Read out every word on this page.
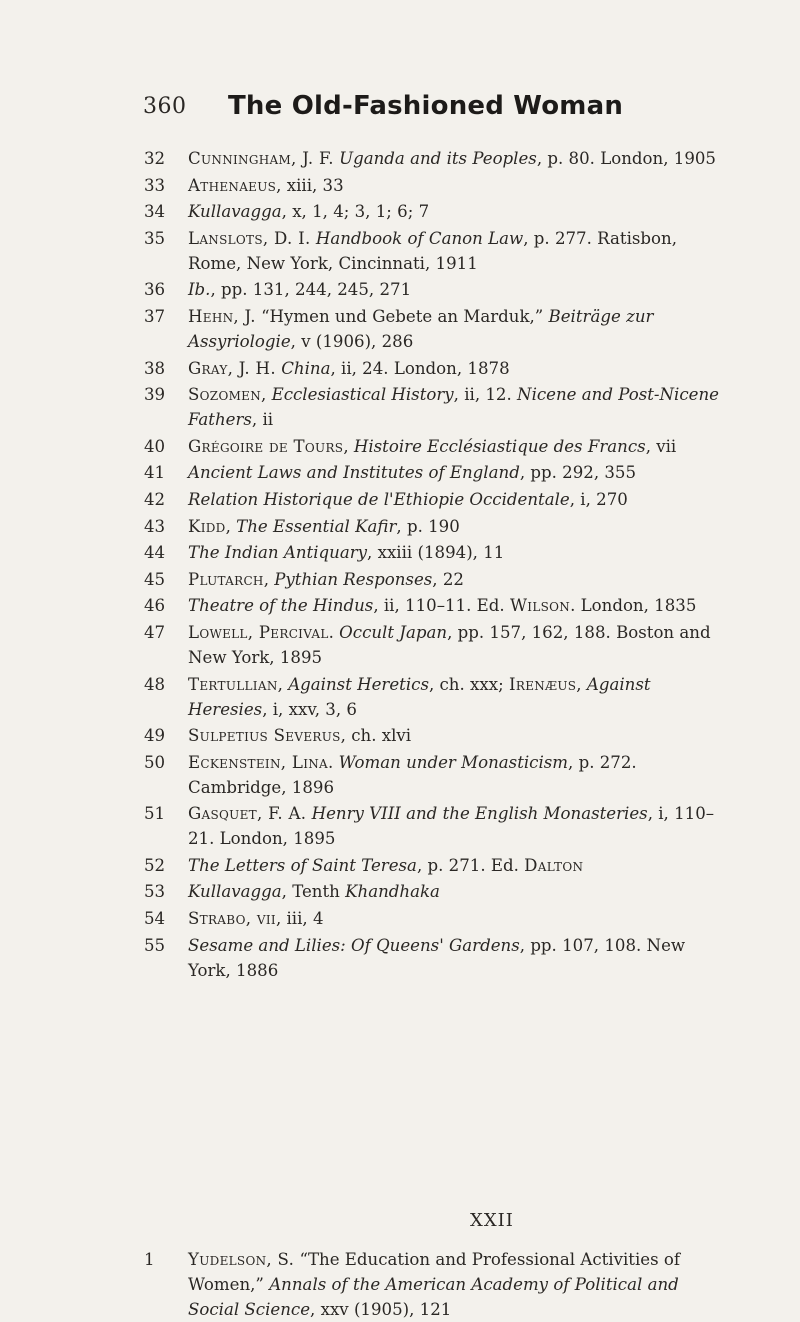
360 The Old-Fashioned Woman

32	Cunningham, J. F. Uganda and its Peoples, p. 80. London, 1905

33	Athenaeus, xiii, 33

34	Kullavagga, x, 1, 4; 3, 1; 6; 7

35	Lanslots, D. I. Handbook of Canon Law, p. 277. Ratisbon, Rome, New York, Cincinnati, 1911

36	Ib., pp. 131, 244, 245, 271

37	Hehn, J. “Hymen und Gebete an Marduk,” Beiträge zur Assyriologie, v (1906), 286

38	Gray, J. H. China, ii, 24. London, 1878

39	Sozomen, Ecclesiastical History, ii, 12. Nicene and Post-Nicene Fathers, ii

40	Grégoire de Tours, Histoire Ecclésiastique des Francs, vii

41	Ancient Laws and Institutes of England, pp. 292, 355

42	Relation Historique de l'Ethiopie Occidentale, i, 270

43	Kidd, The Essential Kafir, p. 190

44	The Indian Antiquary, xxiii (1894), 11

45	Plutarch, Pythian Responses, 22

46	Theatre of the Hindus, ii, 110–11. Ed. Wilson. London, 1835

47	Lowell, Percival. Occult Japan, pp. 157, 162, 188. Boston and New York, 1895

48	Tertullian, Against Heretics, ch. xxx; Irenæus, Against Heresies, i, xxv, 3, 6

49	Sulpetius Severus, ch. xlvi

50	Eckenstein, Lina. Woman under Monasticism, p. 272. Cambridge, 1896

51	Gasquet, F. A. Henry VIII and the English Monasteries, i, 110–21. London, 1895

52	The Letters of Saint Teresa, p. 271. Ed. Dalton

53	Kullavagga, Tenth Khandhaka

54	Strabo, vii, iii, 4

55	Sesame and Lilies: Of Queens' Gardens, pp. 107, 108. New York, 1886

XXII

1	Yudelson, S. “The Education and Professional Activities of Women,” Annals of the American Academy of Political and Social Science, xxv (1905), 121
